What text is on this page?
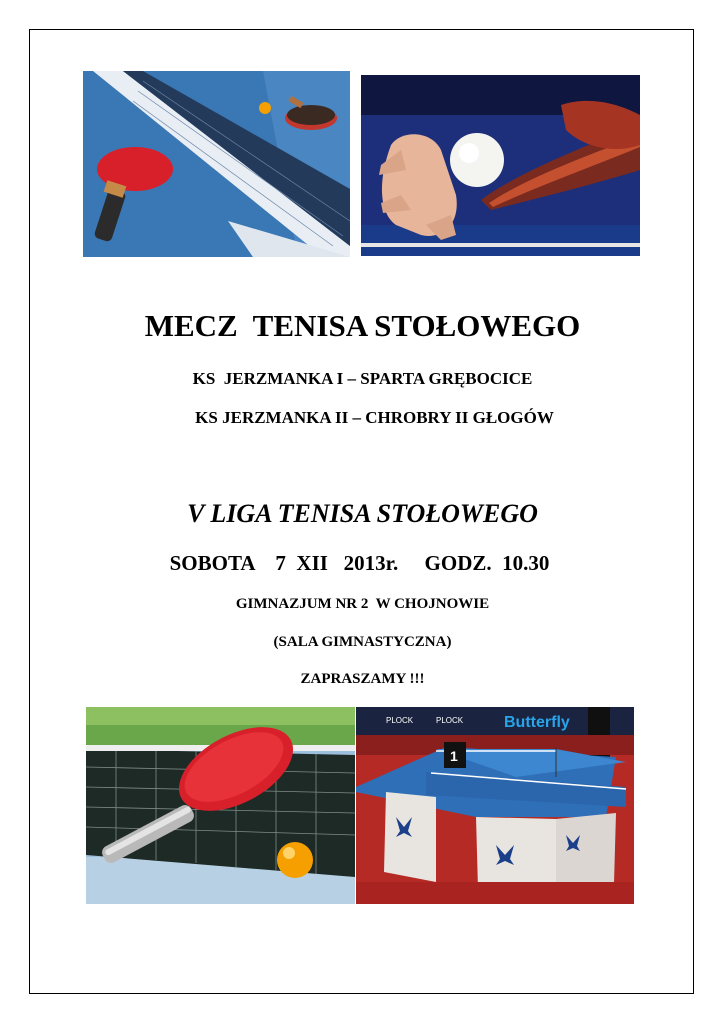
MECZ  TENISA STOŁOWEGO
KS  JERZMANKA I – SPARTA GRĘBOCICE
KS JERZMANKA II – CHROBRY II GŁOGÓW
V LIGA TENISA STOŁOWEGO
SOBOTA    7  XII   2013r.     GODZ.  10.30
GIMNAZJUM NR 2  W CHOJNOWIE
(SALA GIMNASTYCZNA)
ZAPRASZAMY !!!
PLOCK	PLOCK	Butterfly
1
